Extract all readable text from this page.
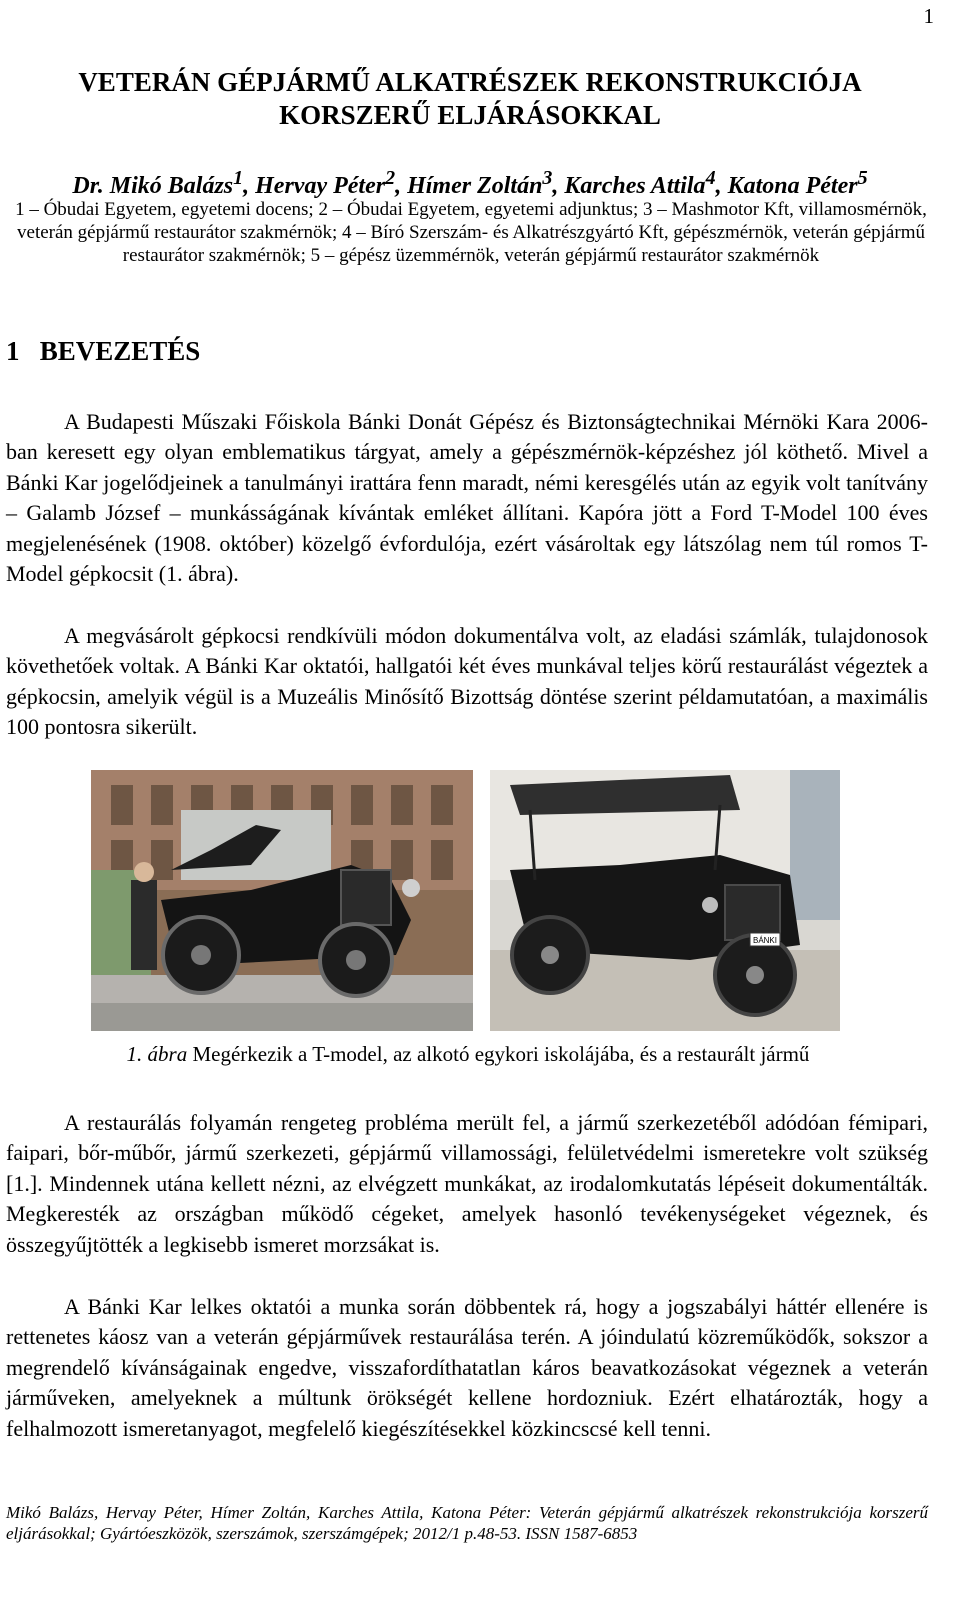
1
VETERÁN GÉPJÁRMŰ ALKATRÉSZEK REKONSTRUKCIÓJA
KORSZERŰ ELJÁRÁSOKKAL
Dr. Mikó Balázs$^1$, Hervay Péter$^2$, Hímer Zoltán$^3$, Karches Attila$^4$, Katona Péter$^5$
1 – Óbudai Egyetem, egyetemi docens; 2 – Óbudai Egyetem, egyetemi adjunktus; 3 – Mashmotor Kft, villamosmérnök, veterán gépjármű restaurátor szakmérnök; 4 – Bíró Szerszám- és Alkatrészgyártó Kft, gépészmérnök, veterán gépjármű restaurátor szakmérnök; 5 – gépész üzemmérnök, veterán gépjármű restaurátor szakmérnök
1   BEVEZETÉS

A Budapesti Műszaki Főiskola Bánki Donát Gépész és Biztonságtechnikai Mérnöki Kara 2006-ban keresett egy olyan emblematikus tárgyat, amely a gépészmérnök-képzéshez jól köthető. Mivel a Bánki Kar jogelődjeinek a tanulmányi irattára fenn maradt, némi keresgélés után az egyik volt tanítvány – Galamb József – munkásságának kívántak emléket állítani. Kapóra jött a Ford T-Model 100 éves megjelenésének (1908. október) közelgő évfordulója, ezért vásároltak egy látszólag nem túl romos T-Model gépkocsit (1. ábra).

A megvásárolt gépkocsi rendkívüli módon dokumentálva volt, az eladási számlák, tulajdonosok követhetőek voltak. A Bánki Kar oktatói, hallgatói két éves munkával teljes körű restaurálást végeztek a gépkocsin, amelyik végül is a Muzeális Minősítő Bizottság döntése szerint példamutatóan, a maximális 100 pontosra sikerült.

BÁNKI
1. ábra Megérkezik a T-model, az alkotó egykori iskolájába, és a restaurált jármű

A restaurálás folyamán rengeteg probléma merült fel, a jármű szerkezetéből adódóan fémipari, faipari, bőr-műbőr, jármű szerkezeti, gépjármű villamossági, felületvédelmi ismeretekre volt szükség [1.]. Mindennek utána kellett nézni, az elvégzett munkákat, az irodalomkutatás lépéseit dokumentálták. Megkeresték az országban működő cégeket, amelyek hasonló tevékenységeket végeznek, és összegyűjtötték a legkisebb ismeret morzsákat is.

A Bánki Kar lelkes oktatói a munka során döbbentek rá, hogy a jogszabályi háttér ellenére is rettenetes káosz van a veterán gépjárművek restaurálása terén. A jóindulatú közreműködők, sokszor a megrendelő kívánságainak engedve, visszafordíthatatlan káros beavatkozásokat végeznek a veterán járműveken, amelyeknek a múltunk örökségét kellene hordozniuk. Ezért elhatározták, hogy a felhalmozott ismeretanyagot, megfelelő kiegészítésekkel közkincscsé kell tenni.

Mikó Balázs, Hervay Péter, Hímer Zoltán, Karches Attila, Katona Péter: Veterán gépjármű alkatrészek rekonstrukciója korszerű eljárásokkal; Gyártóeszközök, szerszámok, szerszámgépek; 2012/1 p.48-53. ISSN 1587-6853
